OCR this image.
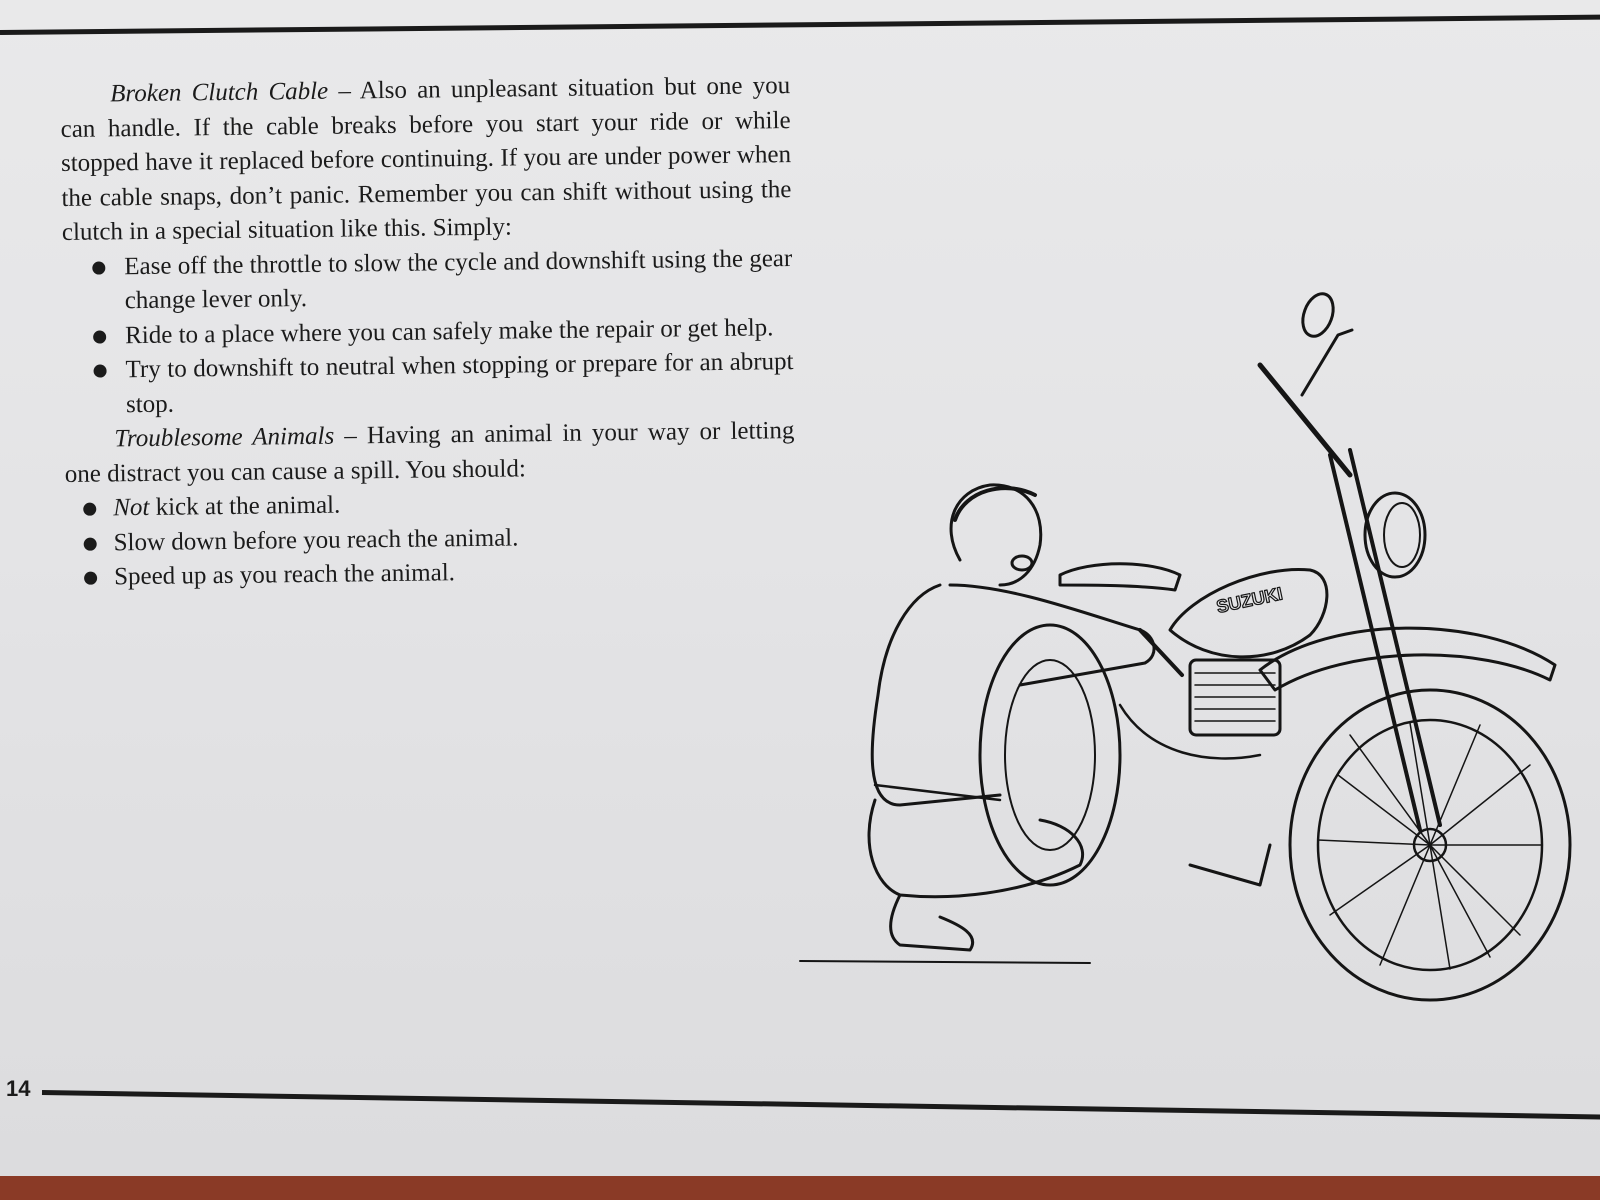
Broken Clutch Cable – Also an unpleasant situation but one you can handle. If the cable breaks before you start your ride or while stopped have it replaced before continuing. If you are under power when the cable snaps, don’t panic. Remember you can shift without using the clutch in a special situation like this. Simply:

Ease off the throttle to slow the cycle and downshift using the gear change lever only.
Ride to a place where you can safely make the repair or get help.
Try to downshift to neutral when stopping or prepare for an abrupt stop.

Troublesome Animals – Having an animal in your way or letting one distract you can cause a spill. You should:

Not kick at the animal.
Slow down before you reach the animal.
Speed up as you reach the animal.
SUZUKI
14
